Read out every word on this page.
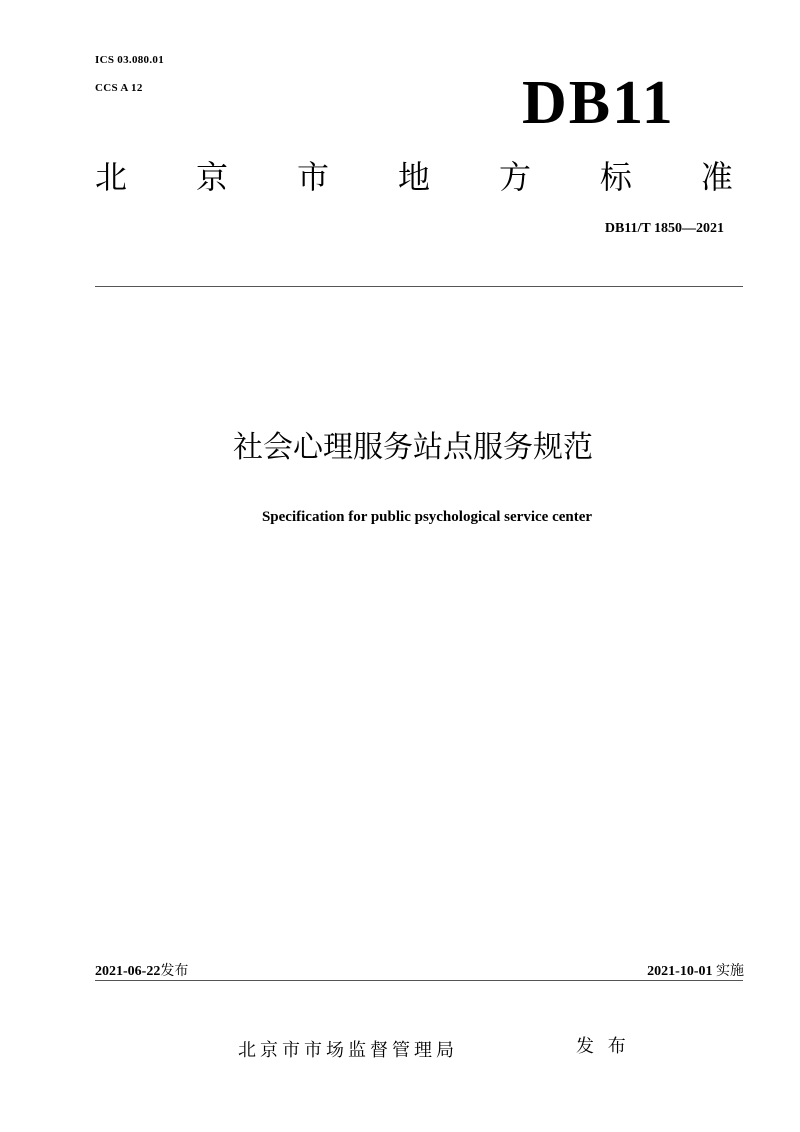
ICS 03.080.01
CCS A 12	DB11
北 京 市 地 方 标 准
DB11/T 1850—2021
社会心理服务站点服务规范
Specification for public psychological service center
2021-06-22发布	2021-10-01 实施
北京市市场监督管理局	发 布
